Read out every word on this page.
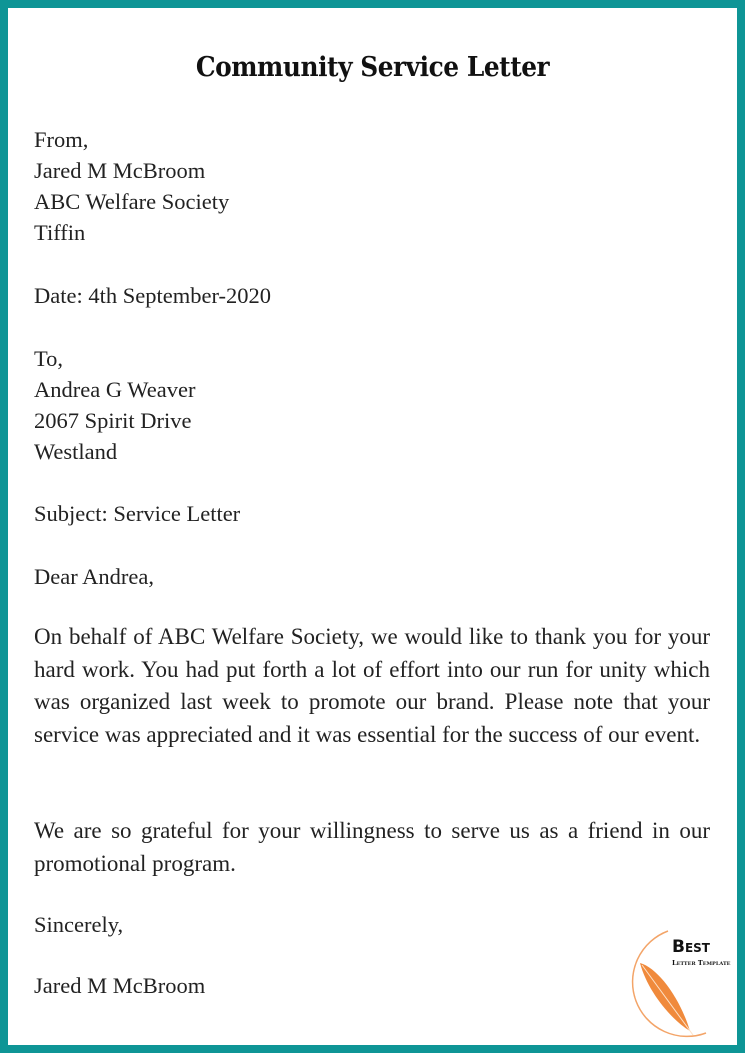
Community Service Letter
From,
Jared M McBroom
ABC Welfare Society
Tiffin
Date: 4th September-2020
To,
Andrea G Weaver
2067 Spirit Drive
Westland
Subject: Service Letter
Dear Andrea,
On behalf of ABC Welfare Society, we would like to thank you for your hard work. You had put forth a lot of effort into our run for unity which was organized last week to promote our brand. Please note that your service was appreciated and it was essential for the success of our event.
We are so grateful for your willingness to serve us as a friend in our promotional program.
Sincerely,
Jared M McBroom
Best
Letter Template
